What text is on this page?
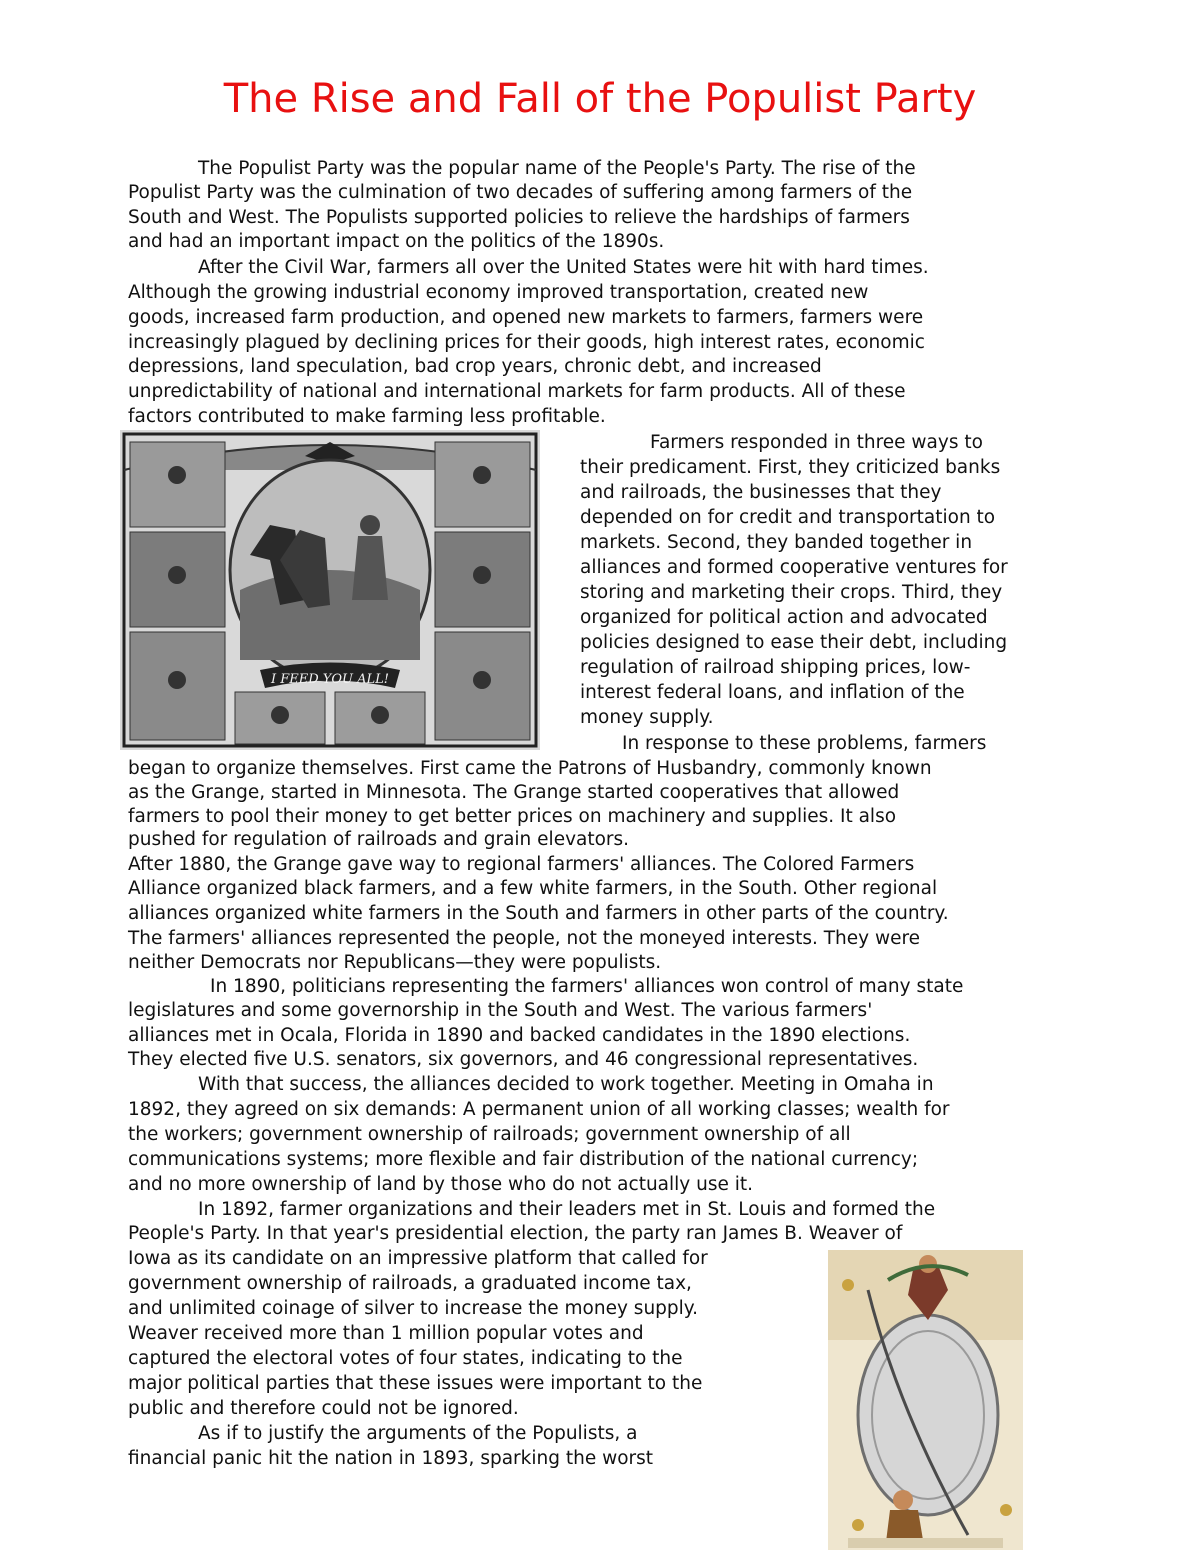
The Rise and Fall of the Populist Party
The Populist Party was the popular name of the People's Party. The rise of the
Populist Party was the culmination of two decades of suffering among farmers of the
South and West. The Populists supported policies to relieve the hardships of farmers
and had an important impact on the politics of the 1890s.
After the Civil War, farmers all over the United States were hit with hard times.
Although the growing industrial economy improved transportation, created new
goods, increased farm production, and opened new markets to farmers, farmers were
increasingly plagued by declining prices for their goods, high interest rates, economic
depressions, land speculation, bad crop years, chronic debt, and increased
unpredictability of national and international markets for farm products. All of these
factors contributed to make farming less profitable.
I FEED YOU ALL!
Farmers responded in three ways to
their predicament. First, they criticized banks
and railroads, the businesses that they
depended on for credit and transportation to
markets. Second, they banded together in
alliances and formed cooperative ventures for
storing and marketing their crops. Third, they
organized for political action and advocated
policies designed to ease their debt, including
regulation of railroad shipping prices, low-
interest federal loans, and inflation of the
money supply.
In response to these problems, farmers
began to organize themselves. First came the Patrons of Husbandry, commonly known
as the Grange, started in Minnesota. The Grange started cooperatives that allowed
farmers to pool their money to get better prices on machinery and supplies. It also
pushed for regulation of railroads and grain elevators.
After 1880, the Grange gave way to regional farmers' alliances. The Colored Farmers
Alliance organized black farmers, and a few white farmers, in the South. Other regional
alliances organized white farmers in the South and farmers in other parts of the country.
The farmers' alliances represented the people, not the moneyed interests. They were
neither Democrats nor Republicans—they were populists.
In 1890, politicians representing the farmers' alliances won control of many state
legislatures and some governorship in the South and West. The various farmers'
alliances met in Ocala, Florida in 1890 and backed candidates in the 1890 elections.
They elected five U.S. senators, six governors, and 46 congressional representatives.
With that success, the alliances decided to work together. Meeting in Omaha in
1892, they agreed on six demands: A permanent union of all working classes; wealth for
the workers; government ownership of railroads; government ownership of all
communications systems; more flexible and fair distribution of the national currency;
and no more ownership of land by those who do not actually use it.
In 1892, farmer organizations and their leaders met in St. Louis and formed the
People's Party. In that year's presidential election, the party ran James B. Weaver of
Iowa as its candidate on an impressive platform that called for
government ownership of railroads, a graduated income tax,
and unlimited coinage of silver to increase the money supply.
Weaver received more than 1 million popular votes and
captured the electoral votes of four states, indicating to the
major political parties that these issues were important to the
public and therefore could not be ignored.
As if to justify the arguments of the Populists, a
financial panic hit the nation in 1893, sparking the worst
